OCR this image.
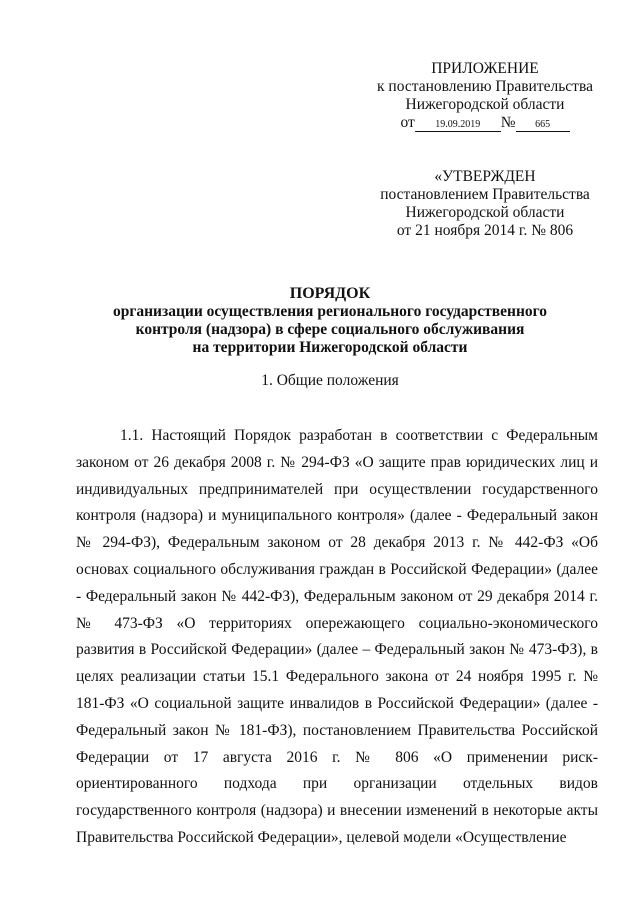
ПРИЛОЖЕНИЕ
к постановлению Правительства
Нижегородской области
от 19.09.2019 № 665
«УТВЕРЖДЕН
постановлением Правительства
Нижегородской области
от 21 ноября 2014 г. № 806
ПОРЯДОК
организации осуществления регионального государственного
контроля (надзора) в сфере социального обслуживания
на территории Нижегородской области
1. Общие положения

1.1. Настоящий Порядок разработан в соответствии с Федеральным законом от 26 декабря 2008 г. № 294-ФЗ «О защите прав юридических лиц и индивидуальных предпринимателей при осуществлении государственного контроля (надзора) и муниципального контроля» (далее - Федеральный закон № 294-ФЗ), Федеральным законом от 28 декабря 2013 г. № 442-ФЗ «Об основах социального обслуживания граждан в Российской Федерации» (далее - Федеральный закон № 442-ФЗ), Федеральным законом от 29 декабря 2014 г. № 473-ФЗ «О территориях опережающего социально-экономического развития в Российской Федерации» (далее – Федеральный закон № 473-ФЗ), в целях реализации статьи 15.1 Федерального закона от 24 ноября 1995 г. № 181-ФЗ «О социальной защите инвалидов в Российской Федерации» (далее - Федеральный закон № 181-ФЗ), постановлением Правительства Российской Федерации от 17 августа 2016 г. № 806 «О применении риск-ориентированного подхода при организации отдельных видов государственного контроля (надзора) и внесении изменений в некоторые акты Правительства Российской Федерации», целевой модели «Осуществление
